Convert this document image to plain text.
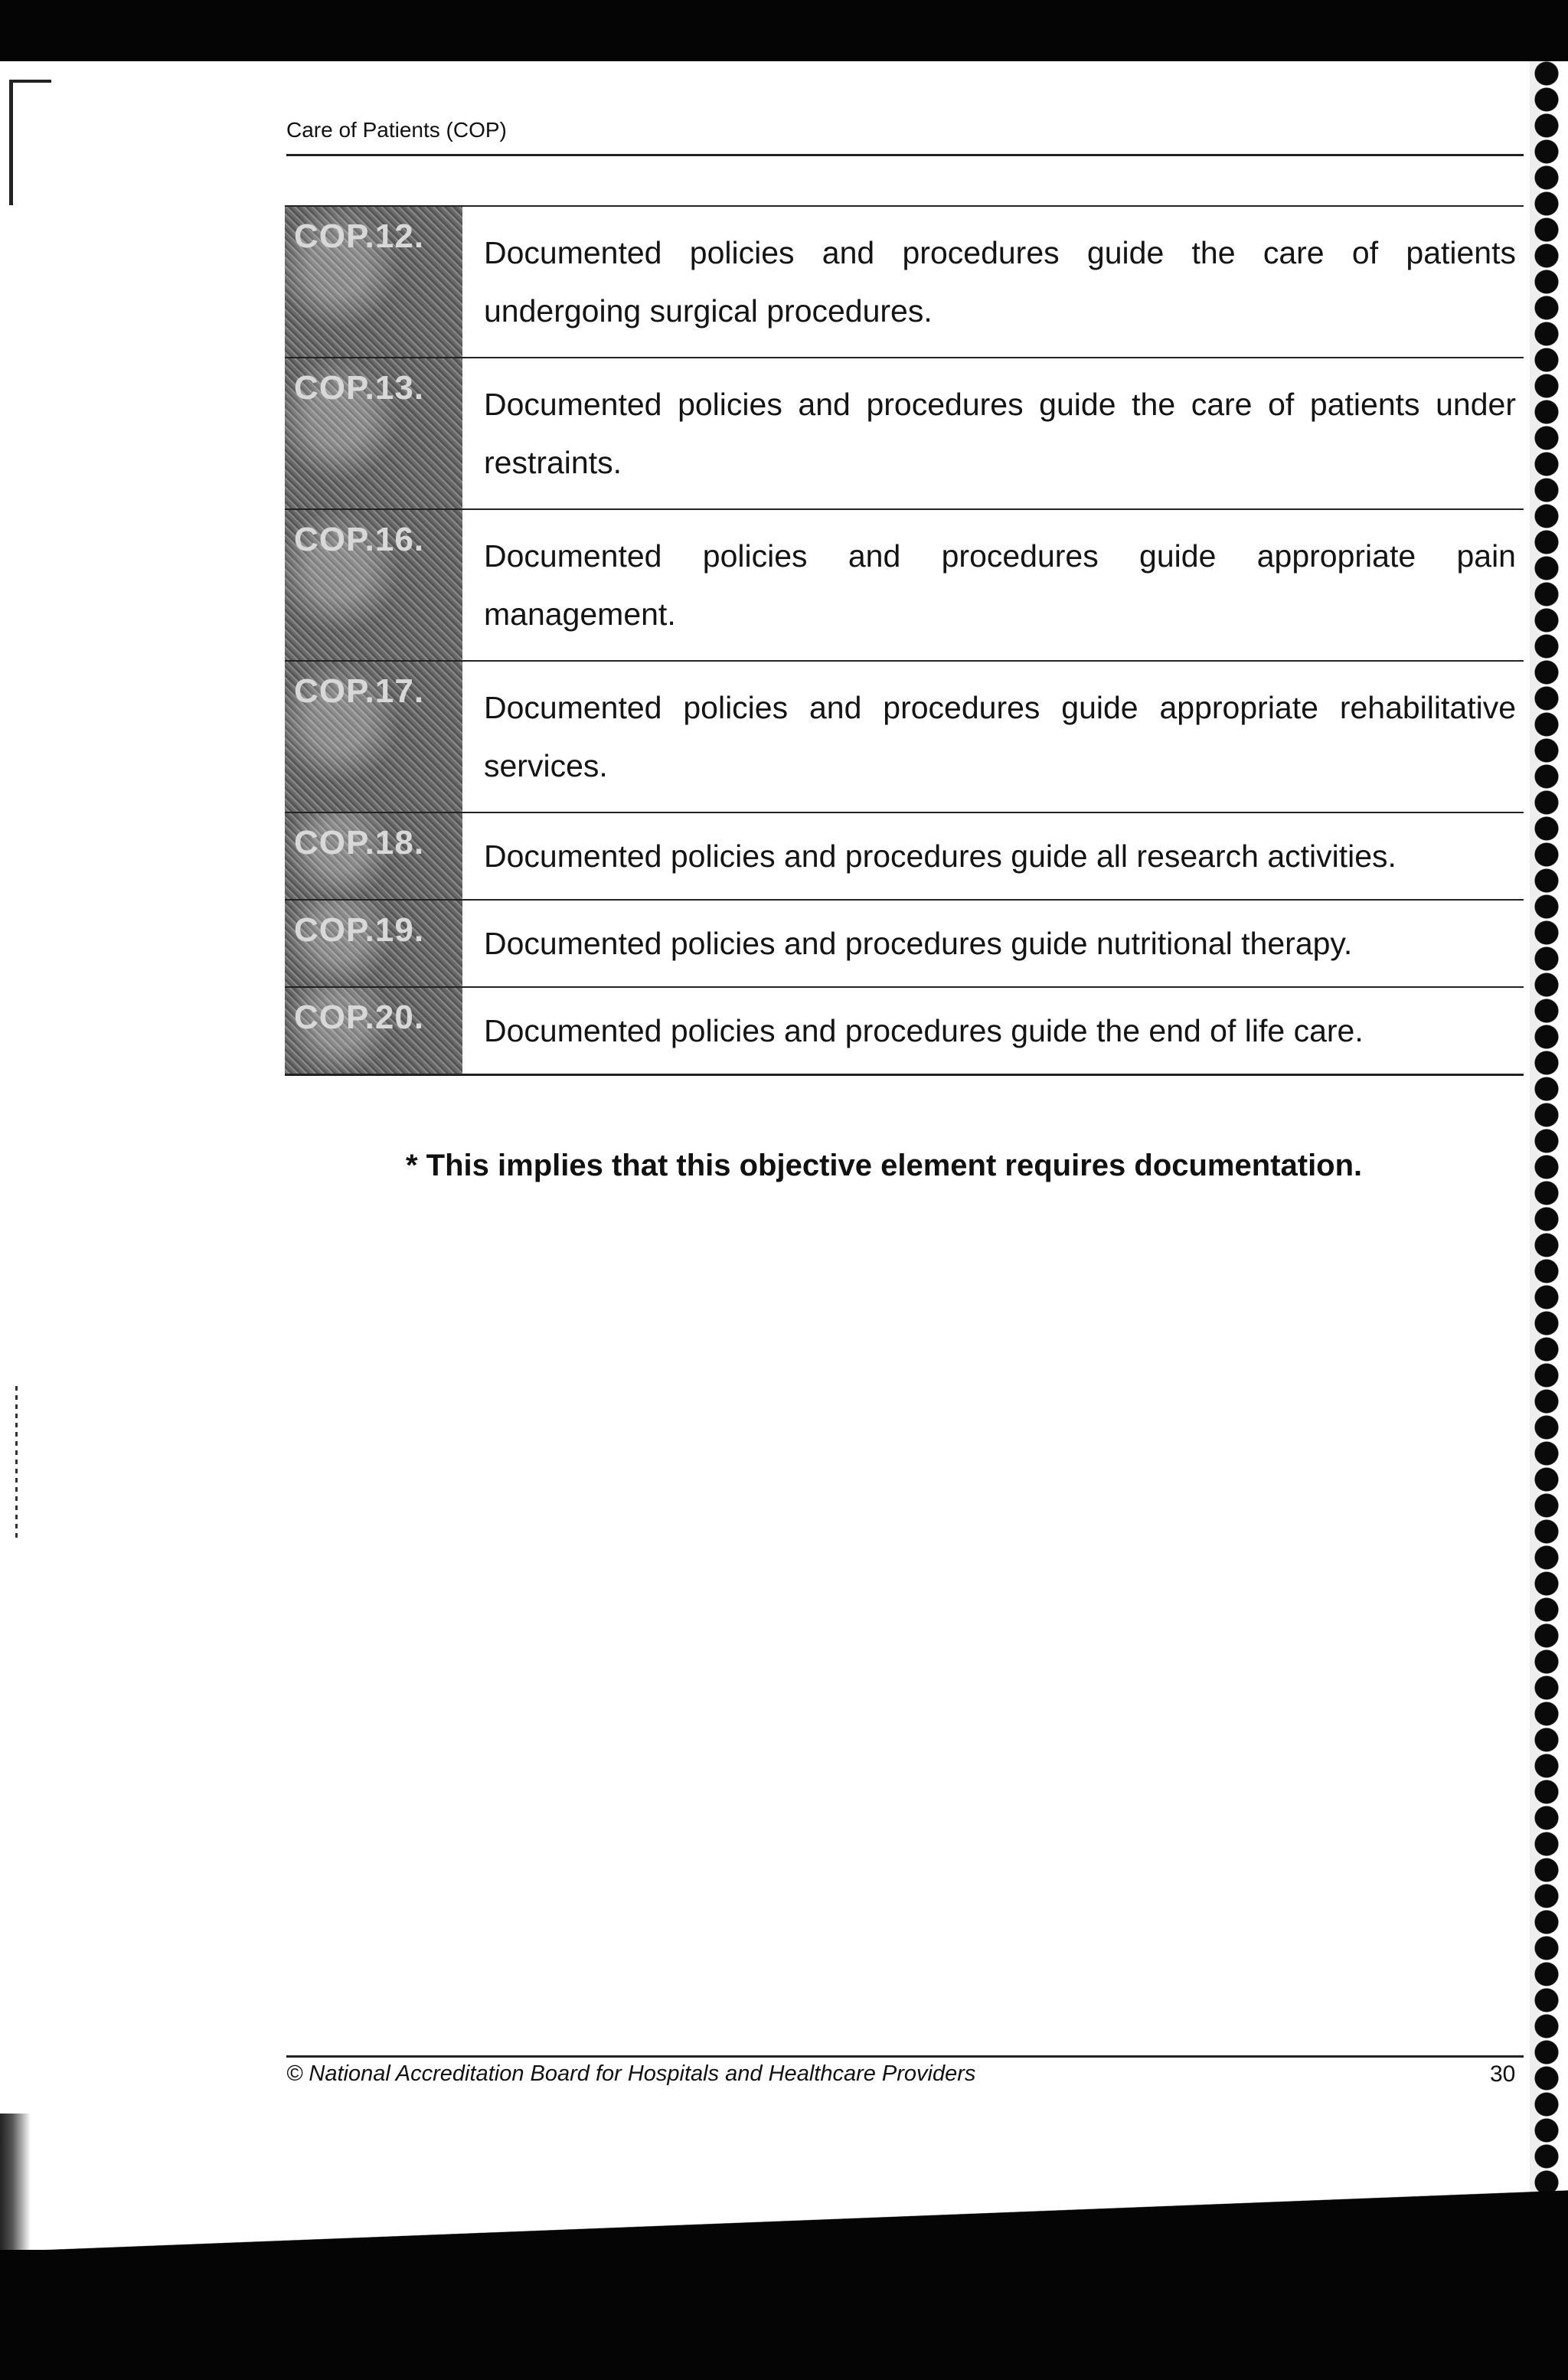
Care of Patients (COP)
COP.12.	Documented policies and procedures guide the care of patients undergoing surgical procedures.
COP.13.	Documented policies and procedures guide the care of patients under restraints.
COP.16.	Documented policies and procedures guide appropriate pain management.
COP.17.	Documented policies and procedures guide appropriate rehabilitative services.
COP.18.	Documented policies and procedures guide all research activities.
COP.19.	Documented policies and procedures guide nutritional therapy.
COP.20.	Documented policies and procedures guide the end of life care.
* This implies that this objective element requires documentation.
© National Accreditation Board for Hospitals and Healthcare Providers	30
